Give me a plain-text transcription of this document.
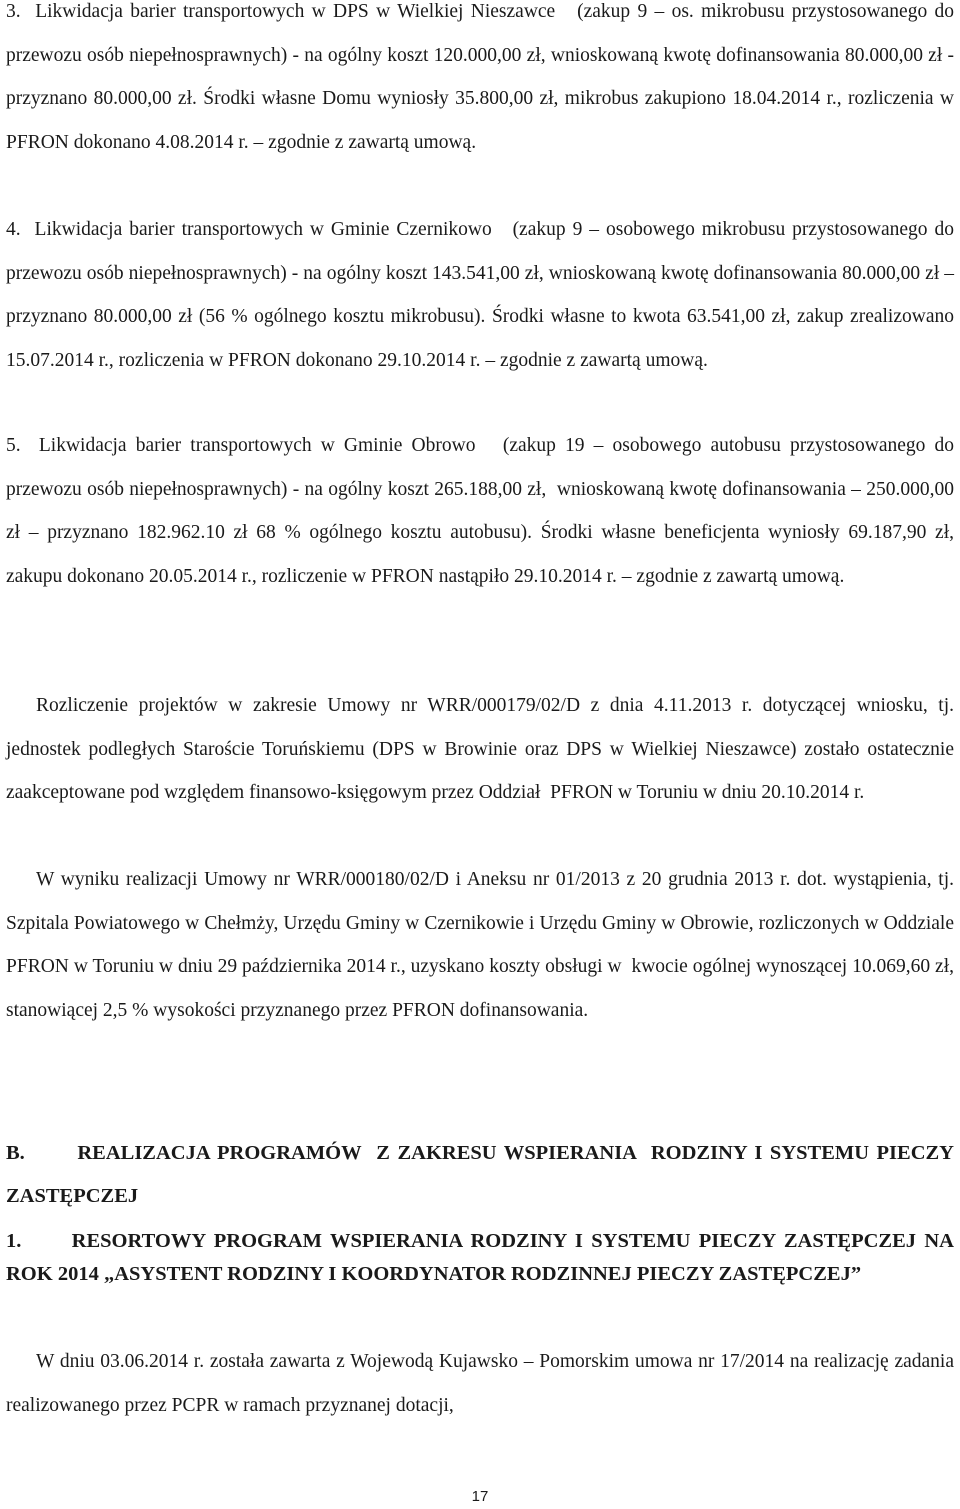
3.  Likwidacja barier transportowych w DPS w Wielkiej Nieszawce   (zakup 9 – os. mikrobusu przystosowanego do przewozu osób niepełnosprawnych) - na ogólny koszt 120.000,00 zł, wnioskowaną kwotę dofinansowania 80.000,00 zł - przyznano 80.000,00 zł. Środki własne Domu wyniosły 35.800,00 zł, mikrobus zakupiono 18.04.2014 r., rozliczenia w PFRON dokonano 4.08.2014 r. – zgodnie z zawartą umową.

4.  Likwidacja barier transportowych w Gminie Czernikowo   (zakup 9 – osobowego mikrobusu przystosowanego do przewozu osób niepełnosprawnych) - na ogólny koszt 143.541,00 zł, wnioskowaną kwotę dofinansowania 80.000,00 zł – przyznano 80.000,00 zł (56 % ogólnego kosztu mikrobusu). Środki własne to kwota 63.541,00 zł, zakup zrealizowano 15.07.2014 r., rozliczenia w PFRON dokonano 29.10.2014 r. – zgodnie z zawartą umową.

5.  Likwidacja barier transportowych w Gminie Obrowo   (zakup 19 – osobowego autobusu przystosowanego do przewozu osób niepełnosprawnych) - na ogólny koszt 265.188,00 zł,  wnioskowaną kwotę dofinansowania – 250.000,00 zł – przyznano 182.962.10 zł 68 % ogólnego kosztu autobusu). Środki własne beneficjenta wyniosły 69.187,90 zł, zakupu dokonano 20.05.2014 r., rozliczenie w PFRON nastąpiło 29.10.2014 r. – zgodnie z zawartą umową.

Rozliczenie projektów w zakresie Umowy nr WRR/000179/02/D z dnia 4.11.2013 r. dotyczącej wniosku, tj. jednostek podległych Staroście Toruńskiemu (DPS w Browinie oraz DPS w Wielkiej Nieszawce) zostało ostatecznie zaakceptowane pod względem finansowo-księgowym przez Oddział  PFRON w Toruniu w dniu 20.10.2014 r.

W wyniku realizacji Umowy nr WRR/000180/02/D i Aneksu nr 01/2013 z 20 grudnia 2013 r. dot. wystąpienia, tj. Szpitala Powiatowego w Chełmży, Urzędu Gminy w Czernikowie i Urzędu Gminy w Obrowie, rozliczonych w Oddziale PFRON w Toruniu w dniu 29 października 2014 r., uzyskano koszty obsługi w  kwocie ogólnej wynoszącej 10.069,60 zł, stanowiącej 2,5 % wysokości przyznanego przez PFRON dofinansowania.

B.       REALIZACJA PROGRAMÓW  Z ZAKRESU WSPIERANIA  RODZINY I SYSTEMU PIECZY ZASTĘPCZEJ

1.      RESORTOWY PROGRAM WSPIERANIA RODZINY I SYSTEMU PIECZY ZASTĘPCZEJ NA ROK 2014 „ASYSTENT RODZINY I KOORDYNATOR RODZINNEJ PIECZY ZASTĘPCZEJ”

W dniu 03.06.2014 r. została zawarta z Wojewodą Kujawsko – Pomorskim umowa nr 17/2014 na realizację zadania realizowanego przez PCPR w ramach przyznanej dotacji,

17
